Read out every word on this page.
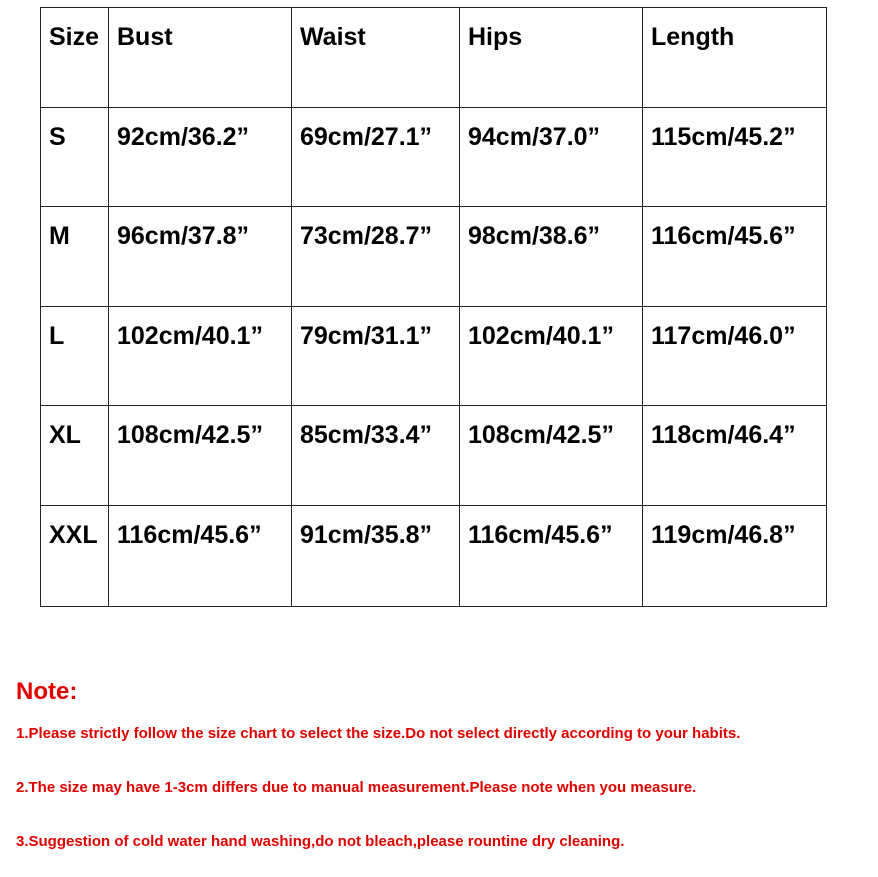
Size	Bust	Waist	Hips	Length
S	92cm/36.2”	69cm/27.1”	94cm/37.0”	115cm/45.2”
M	96cm/37.8”	73cm/28.7”	98cm/38.6”	116cm/45.6”
L	102cm/40.1”	79cm/31.1”	102cm/40.1”	117cm/46.0”
XL	108cm/42.5”	85cm/33.4”	108cm/42.5”	118cm/46.4”
XXL	116cm/45.6”	91cm/35.8”	116cm/45.6”	119cm/46.8”
Note:
1.Please strictly follow the size chart to select the size.Do not select directly according to your habits.
2.The size may have 1-3cm differs due to manual measurement.Please note when you measure.
3.Suggestion of cold water hand washing,do not bleach,please rountine dry cleaning.
